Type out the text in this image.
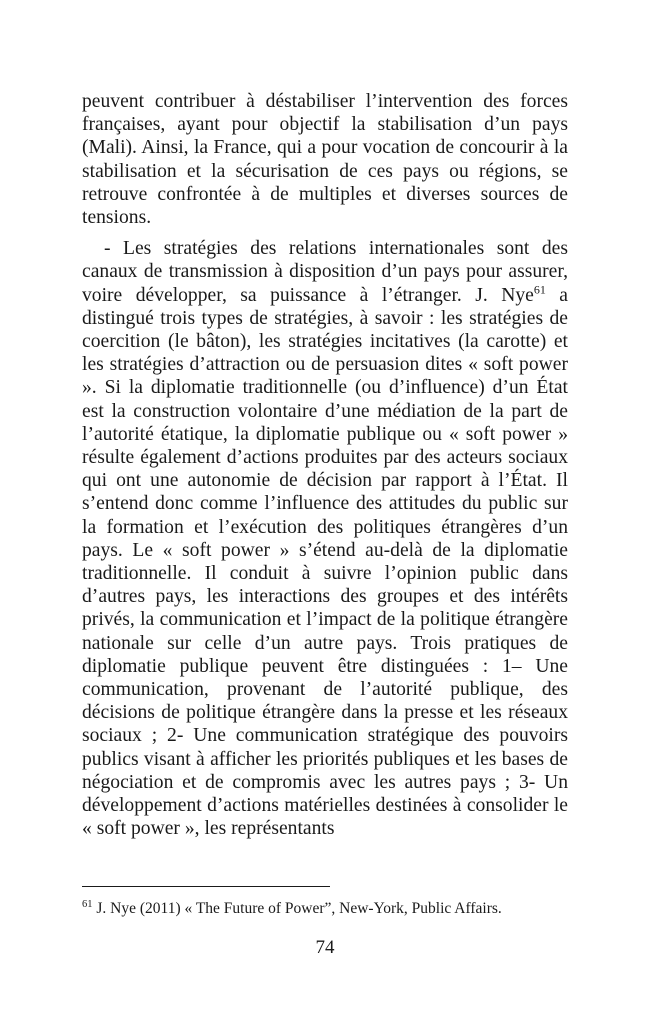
peuvent contribuer à déstabiliser l’intervention des forces françaises, ayant pour objectif la stabilisation d’un pays (Mali). Ainsi, la France, qui a pour vocation de concourir à la stabilisation et la sécurisation de ces pays ou régions, se retrouve confrontée à de multiples et diverses sources de tensions.

- Les stratégies des relations internationales sont des canaux de transmission à disposition d’un pays pour assurer, voire développer, sa puissance à l’étranger. J. Nye$^{61}$ a distingué trois types de stratégies, à savoir : les stratégies de coercition (le bâton), les stratégies incitatives (la carotte) et les stratégies d’attraction ou de persuasion dites « soft power ». Si la diplomatie traditionnelle (ou d’influence) d’un État est la construction volontaire d’une médiation de la part de l’autorité étatique, la diplomatie publique ou « soft power » résulte également d’actions produites par des acteurs sociaux qui ont une autonomie de décision par rapport à l’État. Il s’entend donc comme l’influence des attitudes du public sur la formation et l’exécution des politiques étrangères d’un pays. Le « soft power » s’étend au-delà de la diplomatie traditionnelle. Il conduit à suivre l’opinion public dans d’autres pays, les interactions des groupes et des intérêts privés, la communication et l’impact de la politique étrangère nationale sur celle d’un autre pays. Trois pratiques de diplomatie publique peuvent être distinguées : 1– Une communication, provenant de l’autorité publique, des décisions de politique étrangère dans la presse et les réseaux sociaux ; 2- Une communication stratégique des pouvoirs publics visant à afficher les priorités publiques et les bases de négociation et de compromis avec les autres pays ; 3- Un développement d’actions matérielles destinées à consolider le « soft power », les représentants

$^{61}$ J. Nye (2011) « The Future of Power”, New-York, Public Affairs.

74
